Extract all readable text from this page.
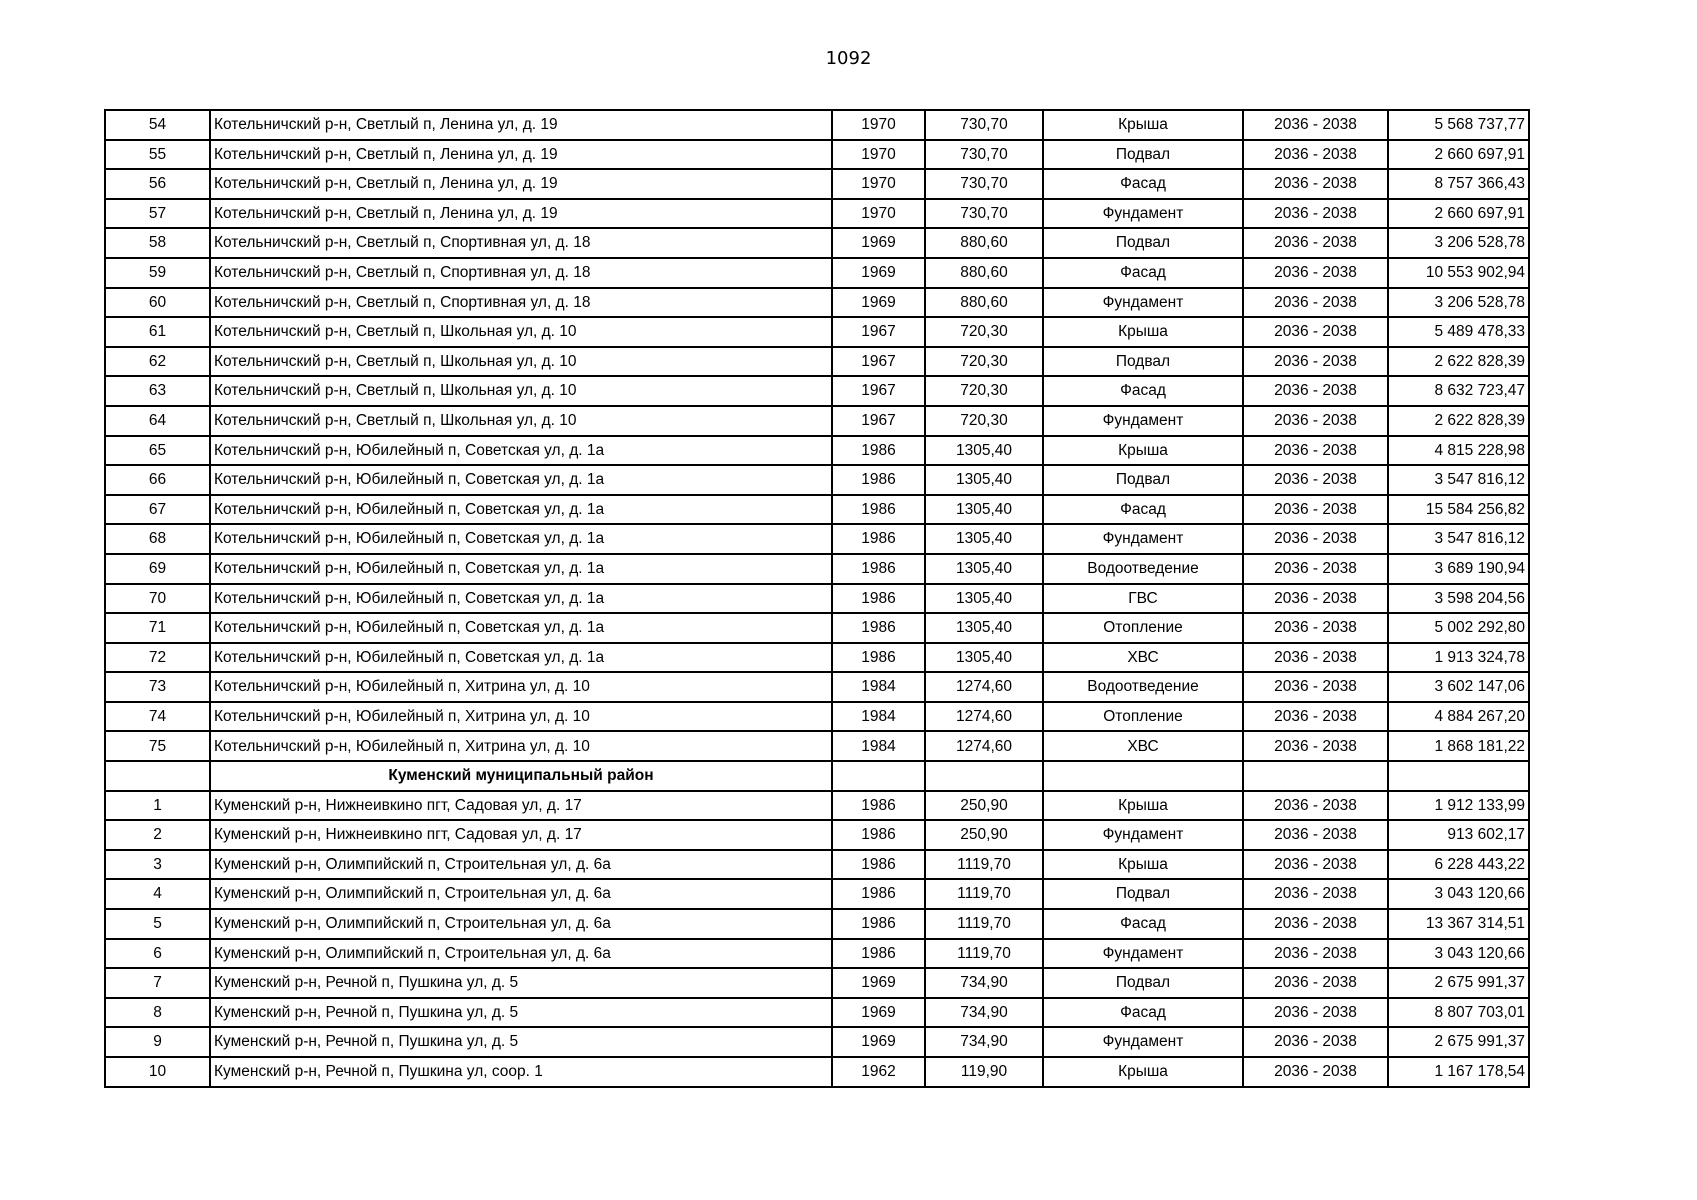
1092
54	Котельничский р-н, Светлый п, Ленина ул, д. 19	1970	730,70	Крыша	2036 - 2038	5 568 737,77
55	Котельничский р-н, Светлый п, Ленина ул, д. 19	1970	730,70	Подвал	2036 - 2038	2 660 697,91
56	Котельничский р-н, Светлый п, Ленина ул, д. 19	1970	730,70	Фасад	2036 - 2038	8 757 366,43
57	Котельничский р-н, Светлый п, Ленина ул, д. 19	1970	730,70	Фундамент	2036 - 2038	2 660 697,91
58	Котельничский р-н, Светлый п, Спортивная ул, д. 18	1969	880,60	Подвал	2036 - 2038	3 206 528,78
59	Котельничский р-н, Светлый п, Спортивная ул, д. 18	1969	880,60	Фасад	2036 - 2038	10 553 902,94
60	Котельничский р-н, Светлый п, Спортивная ул, д. 18	1969	880,60	Фундамент	2036 - 2038	3 206 528,78
61	Котельничский р-н, Светлый п, Школьная ул, д. 10	1967	720,30	Крыша	2036 - 2038	5 489 478,33
62	Котельничский р-н, Светлый п, Школьная ул, д. 10	1967	720,30	Подвал	2036 - 2038	2 622 828,39
63	Котельничский р-н, Светлый п, Школьная ул, д. 10	1967	720,30	Фасад	2036 - 2038	8 632 723,47
64	Котельничский р-н, Светлый п, Школьная ул, д. 10	1967	720,30	Фундамент	2036 - 2038	2 622 828,39
65	Котельничский р-н, Юбилейный п, Советская ул, д. 1а	1986	1305,40	Крыша	2036 - 2038	4 815 228,98
66	Котельничский р-н, Юбилейный п, Советская ул, д. 1а	1986	1305,40	Подвал	2036 - 2038	3 547 816,12
67	Котельничский р-н, Юбилейный п, Советская ул, д. 1а	1986	1305,40	Фасад	2036 - 2038	15 584 256,82
68	Котельничский р-н, Юбилейный п, Советская ул, д. 1а	1986	1305,40	Фундамент	2036 - 2038	3 547 816,12
69	Котельничский р-н, Юбилейный п, Советская ул, д. 1а	1986	1305,40	Водоотведение	2036 - 2038	3 689 190,94
70	Котельничский р-н, Юбилейный п, Советская ул, д. 1а	1986	1305,40	ГВС	2036 - 2038	3 598 204,56
71	Котельничский р-н, Юбилейный п, Советская ул, д. 1а	1986	1305,40	Отопление	2036 - 2038	5 002 292,80
72	Котельничский р-н, Юбилейный п, Советская ул, д. 1а	1986	1305,40	ХВС	2036 - 2038	1 913 324,78
73	Котельничский р-н, Юбилейный п, Хитрина ул, д. 10	1984	1274,60	Водоотведение	2036 - 2038	3 602 147,06
74	Котельничский р-н, Юбилейный п, Хитрина ул, д. 10	1984	1274,60	Отопление	2036 - 2038	4 884 267,20
75	Котельничский р-н, Юбилейный п, Хитрина ул, д. 10	1984	1274,60	ХВС	2036 - 2038	1 868 181,22
	Куменский муниципальный район					
1	Куменский р-н, Нижнеивкино пгт, Садовая ул, д. 17	1986	250,90	Крыша	2036 - 2038	1 912 133,99
2	Куменский р-н, Нижнеивкино пгт, Садовая ул, д. 17	1986	250,90	Фундамент	2036 - 2038	913 602,17
3	Куменский р-н, Олимпийский п, Строительная ул, д. 6а	1986	1119,70	Крыша	2036 - 2038	6 228 443,22
4	Куменский р-н, Олимпийский п, Строительная ул, д. 6а	1986	1119,70	Подвал	2036 - 2038	3 043 120,66
5	Куменский р-н, Олимпийский п, Строительная ул, д. 6а	1986	1119,70	Фасад	2036 - 2038	13 367 314,51
6	Куменский р-н, Олимпийский п, Строительная ул, д. 6а	1986	1119,70	Фундамент	2036 - 2038	3 043 120,66
7	Куменский р-н, Речной п, Пушкина ул, д. 5	1969	734,90	Подвал	2036 - 2038	2 675 991,37
8	Куменский р-н, Речной п, Пушкина ул, д. 5	1969	734,90	Фасад	2036 - 2038	8 807 703,01
9	Куменский р-н, Речной п, Пушкина ул, д. 5	1969	734,90	Фундамент	2036 - 2038	2 675 991,37
10	Куменский р-н, Речной п, Пушкина ул, соор. 1	1962	119,90	Крыша	2036 - 2038	1 167 178,54
